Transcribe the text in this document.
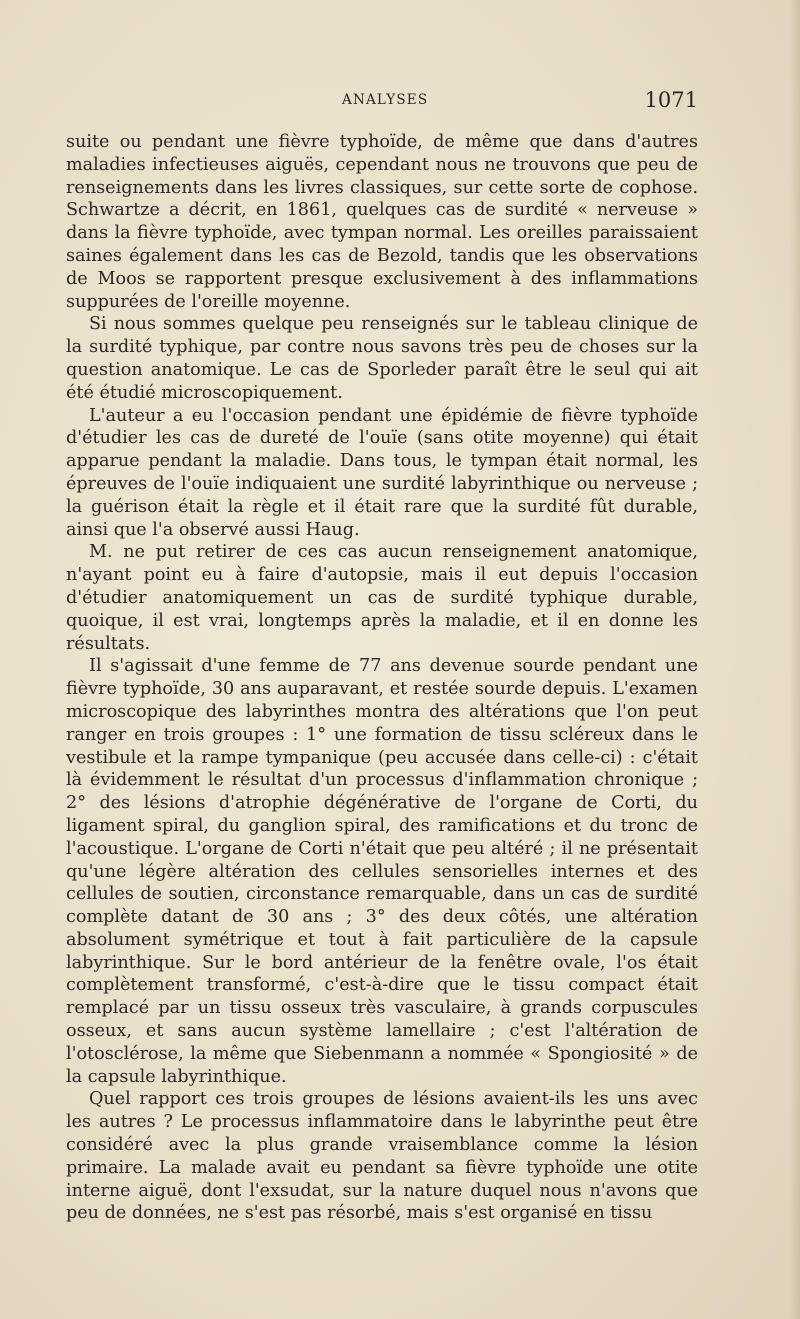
ANALYSES	1071

suite ou pendant une fièvre typhoïde, de même que dans d'autres maladies infectieuses aiguës, cependant nous ne trouvons que peu de renseignements dans les livres classiques, sur cette sorte de cophose. Schwartze a décrit, en 1861, quelques cas de surdité « nerveuse » dans la fièvre typhoïde, avec tympan normal. Les oreilles paraissaient saines également dans les cas de Bezold, tandis que les observations de Moos se rapportent presque exclusivement à des inflammations suppurées de l'oreille moyenne.

Si nous sommes quelque peu renseignés sur le tableau clinique de la surdité typhique, par contre nous savons très peu de choses sur la question anatomique. Le cas de Sporleder paraît être le seul qui ait été étudié microscopiquement.

L'auteur a eu l'occasion pendant une épidémie de fièvre typhoïde d'étudier les cas de dureté de l'ouïe (sans otite moyenne) qui était apparue pendant la maladie. Dans tous, le tympan était normal, les épreuves de l'ouïe indiquaient une surdité labyrinthique ou nerveuse ; la guérison était la règle et il était rare que la surdité fût durable, ainsi que l'a observé aussi Haug.

M. ne put retirer de ces cas aucun renseignement anatomique, n'ayant point eu à faire d'autopsie, mais il eut depuis l'occasion d'étudier anatomiquement un cas de surdité typhique durable, quoique, il est vrai, longtemps après la maladie, et il en donne les résultats.

Il s'agissait d'une femme de 77 ans devenue sourde pendant une fièvre typhoïde, 30 ans auparavant, et restée sourde depuis. L'examen microscopique des labyrinthes montra des altérations que l'on peut ranger en trois groupes : 1° une formation de tissu scléreux dans le vestibule et la rampe tympanique (peu accusée dans celle-ci) : c'était là évidemment le résultat d'un processus d'inflammation chronique ; 2° des lésions d'atrophie dégénérative de l'organe de Corti, du ligament spiral, du ganglion spiral, des ramifications et du tronc de l'acoustique. L'organe de Corti n'était que peu altéré ; il ne présentait qu'une légère altération des cellules sensorielles internes et des cellules de soutien, circonstance remarquable, dans un cas de surdité complète datant de 30 ans ; 3° des deux côtés, une altération absolument symétrique et tout à fait particulière de la capsule labyrinthique. Sur le bord antérieur de la fenêtre ovale, l'os était complètement transformé, c'est-à-dire que le tissu compact était remplacé par un tissu osseux très vasculaire, à grands corpuscules osseux, et sans aucun système lamellaire ; c'est l'altération de l'otosclérose, la même que Siebenmann a nommée « Spongiosité » de la capsule labyrinthique.

Quel rapport ces trois groupes de lésions avaient-ils les uns avec les autres ? Le processus inflammatoire dans le labyrinthe peut être considéré avec la plus grande vraisemblance comme la lésion primaire. La malade avait eu pendant sa fièvre typhoïde une otite interne aiguë, dont l'exsudat, sur la nature duquel nous n'avons que peu de données, ne s'est pas résorbé, mais s'est organisé en tissu
